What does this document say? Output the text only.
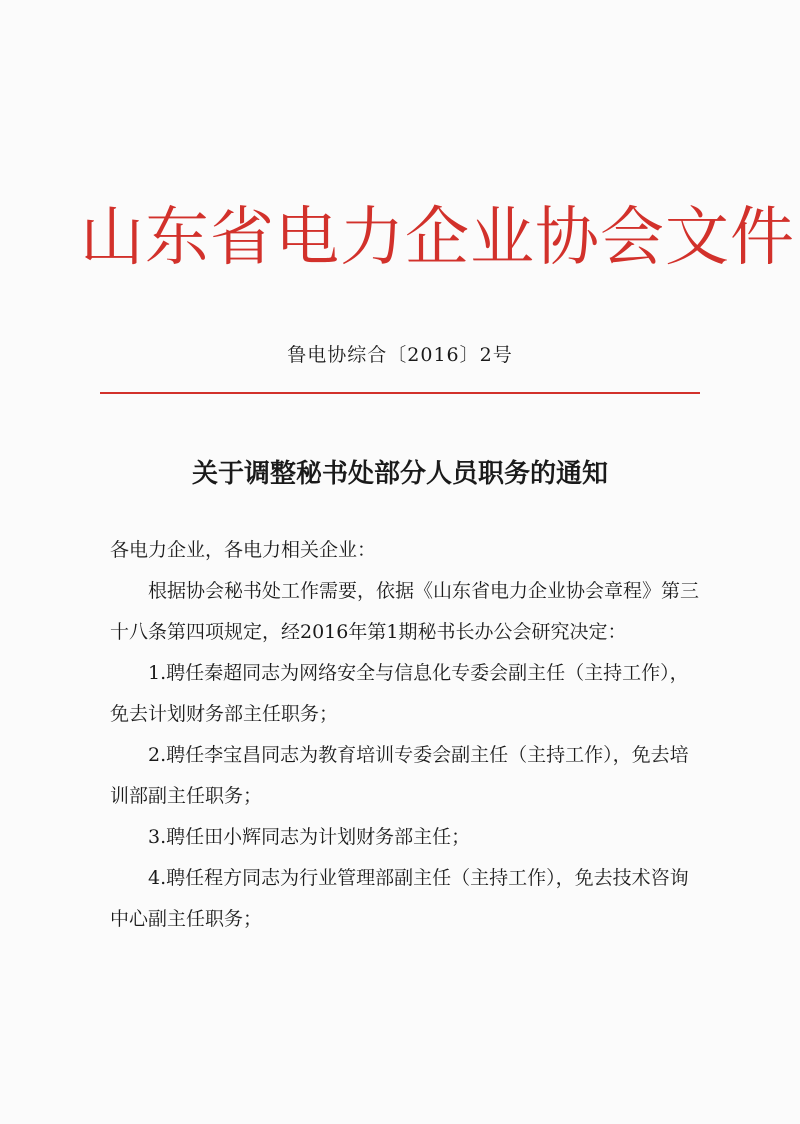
山东省电力企业协会文件
鲁电协综合〔2016〕2号
关于调整秘书处部分人员职务的通知

各电力企业，各电力相关企业：

根据协会秘书处工作需要，依据《山东省电力企业协会章程》第三十八条第四项规定，经2016年第1期秘书长办公会研究决定：

1.聘任秦超同志为网络安全与信息化专委会副主任（主持工作），免去计划财务部主任职务；

2.聘任李宝昌同志为教育培训专委会副主任（主持工作），免去培训部副主任职务；

3.聘任田小辉同志为计划财务部主任；

4.聘任程方同志为行业管理部副主任（主持工作），免去技术咨询中心副主任职务；
